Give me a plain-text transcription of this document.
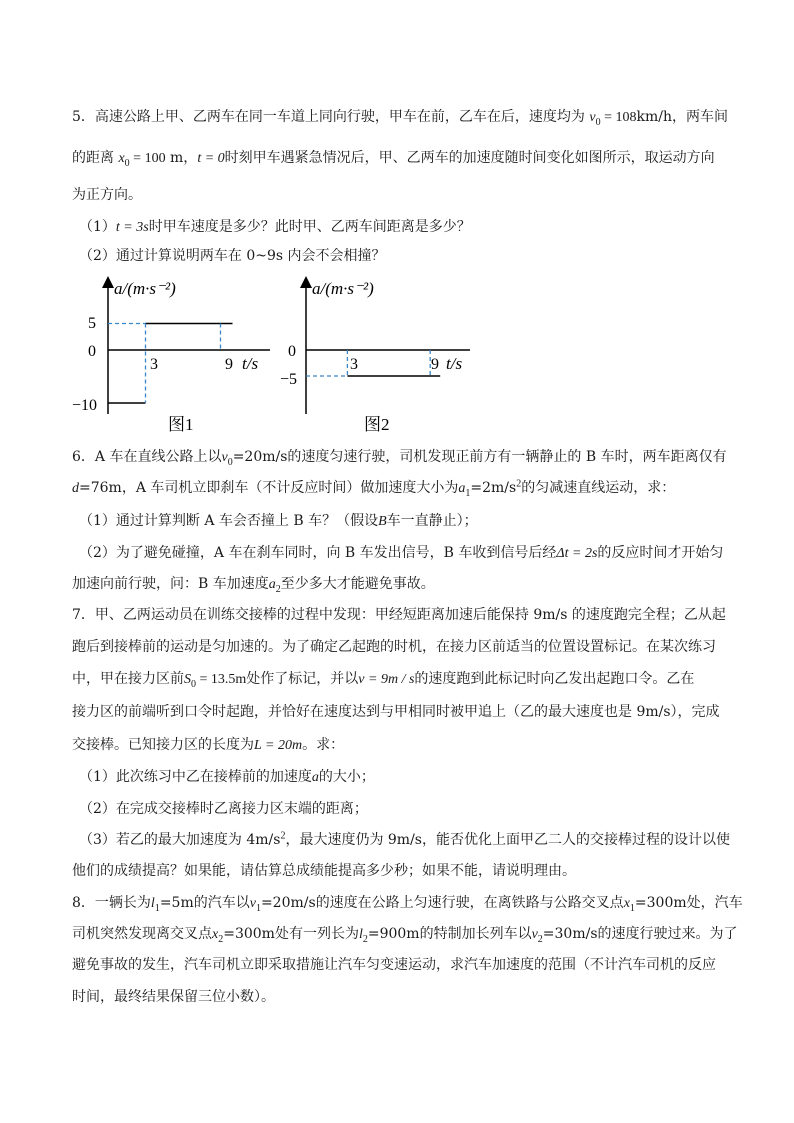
5．高速公路上甲、乙两车在同一车道上同向行驶，甲车在前，乙车在后，速度均为 $v_0 = 108km/h$，两车间
的距离 $x_0 = 100$ m，t = 0时刻甲车遇紧急情况后，甲、乙两车的加速度随时间变化如图所示，取运动方向
为正方向。
（1）t = 3s时甲车速度是多少？此时甲、乙两车间距离是多少？
（2）通过计算说明两车在 0~9s 内会不会相撞？
a/(m·s⁻²)
5
0
−10
3	9 t/s
图1
a/(m·s⁻²)
0
−5
3	9 t/s
图2
6．A 车在直线公路上以$v_0=20m/s$的速度匀速行驶，司机发现正前方有一辆静止的 B 车时，两车距离仅有
d=76m，A 车司机立即刹车（不计反应时间）做加速度大小为$a_1=2m/s^2$的匀减速直线运动，求：
（1）通过计算判断 A 车会否撞上 B 车？（假设B车一直静止）；
（2）为了避免碰撞，A 车在刹车同时，向 B 车发出信号，B 车收到信号后经Δt = 2s的反应时间才开始匀
加速向前行驶，问：B 车加速度$a_2$至少多大才能避免事故。
7．甲、乙两运动员在训练交接棒的过程中发现：甲经短距离加速后能保持 9m/s 的速度跑完全程；乙从起
跑后到接棒前的运动是匀加速的。为了确定乙起跑的时机，在接力区前适当的位置设置标记。在某次练习
中，甲在接力区前$S_0 = 13.5m$处作了标记，并以v = 9m / s的速度跑到此标记时向乙发出起跑口令。乙在
接力区的前端听到口令时起跑，并恰好在速度达到与甲相同时被甲追上（乙的最大速度也是 9m/s），完成
交接棒。已知接力区的长度为L = 20m。求：
（1）此次练习中乙在接棒前的加速度a的大小；
（2）在完成交接棒时乙离接力区末端的距离；
（3）若乙的最大加速度为 $4m/s^2$，最大速度仍为 9m/s，能否优化上面甲乙二人的交接棒过程的设计以使
他们的成绩提高？如果能，请估算总成绩能提高多少秒；如果不能，请说明理由。
8．一辆长为$l_1=5m$的汽车以$v_1=20m/s$的速度在公路上匀速行驶，在离铁路与公路交叉点$x_1=300m$处，汽车
司机突然发现离交叉点$x_2=300m$处有一列长为$l_2=900m$的特制加长列车以$v_2=30m/s$的速度行驶过来。为了
避免事故的发生，汽车司机立即采取措施让汽车匀变速运动，求汽车加速度的范围（不计汽车司机的反应
时间，最终结果保留三位小数）。
